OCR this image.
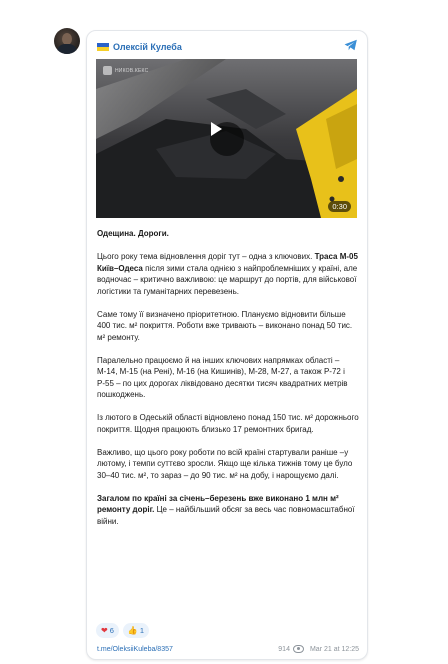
Олексій Кулеба
НИКОВ.КЕКС
0:30

Одещина. Дороги.

Цього року тема відновлення доріг тут – одна з ключових. Траса М-05 Київ–Одеса після зими стала однією з найпроблемніших у країні, але водночас – критично важливою: це маршрут до портів, для військової логістики та гуманітарних перевезень.

Саме тому її визначено пріоритетною. Плануємо відновити більше 400 тис. м² покриття. Роботи вже тривають – виконано понад 50 тис. м² ремонту.

Паралельно працюємо й на інших ключових напрямках області – М-14, М-15 (на Рені), М-16 (на Кишинів), М-28, М-27, а також Р-72 і Р-55 – по цих дорогах ліквідовано десятки тисяч квадратних метрів пошкоджень.

Із лютого в Одеській області відновлено понад 150 тис. м² дорожнього покриття. Щодня працюють близько 17 ремонтних бригад.

Важливо, що цього року роботи по всій країні стартували раніше –у лютому, і темпи суттєво зросли. Якщо ще кілька тижнів тому це було 30–40 тис. м², то зараз – до 90 тис. м² на добу, і нарощуємо далі.

Загалом по країні за січень–березень вже виконано 1 млн м² ремонту доріг. Це – найбільший обсяг за весь час повномасштабної війни.

❤ 6 👍 1
t.me/OleksiiKuleba/8357	914	Mar 21 at 12:25
